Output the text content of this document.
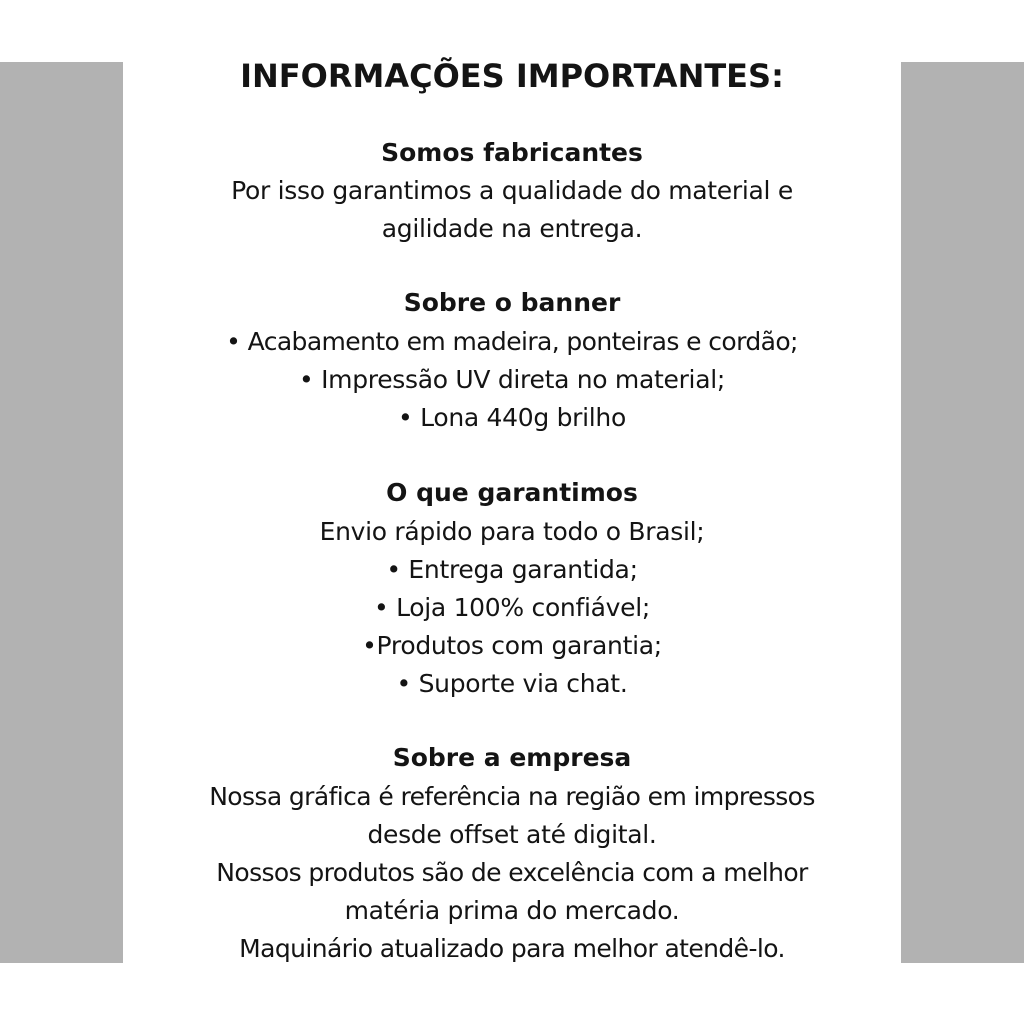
INFORMAÇÕES IMPORTANTES:
Somos fabricantes

Por isso garantimos a qualidade do material e

agilidade na entrega.

Sobre o banner

• Acabamento em madeira, ponteiras e cordão;

• Impressão UV direta no material;

• Lona 440g brilho

O que garantimos

Envio rápido para todo o Brasil;

• Entrega garantida;

• Loja 100% confiável;

•Produtos com garantia;

• Suporte via chat.

Sobre a empresa

Nossa gráfica é referência na região em impressos

desde offset até digital.

Nossos produtos são de excelência com a melhor

matéria prima do mercado.

Maquinário atualizado para melhor atendê-lo.
